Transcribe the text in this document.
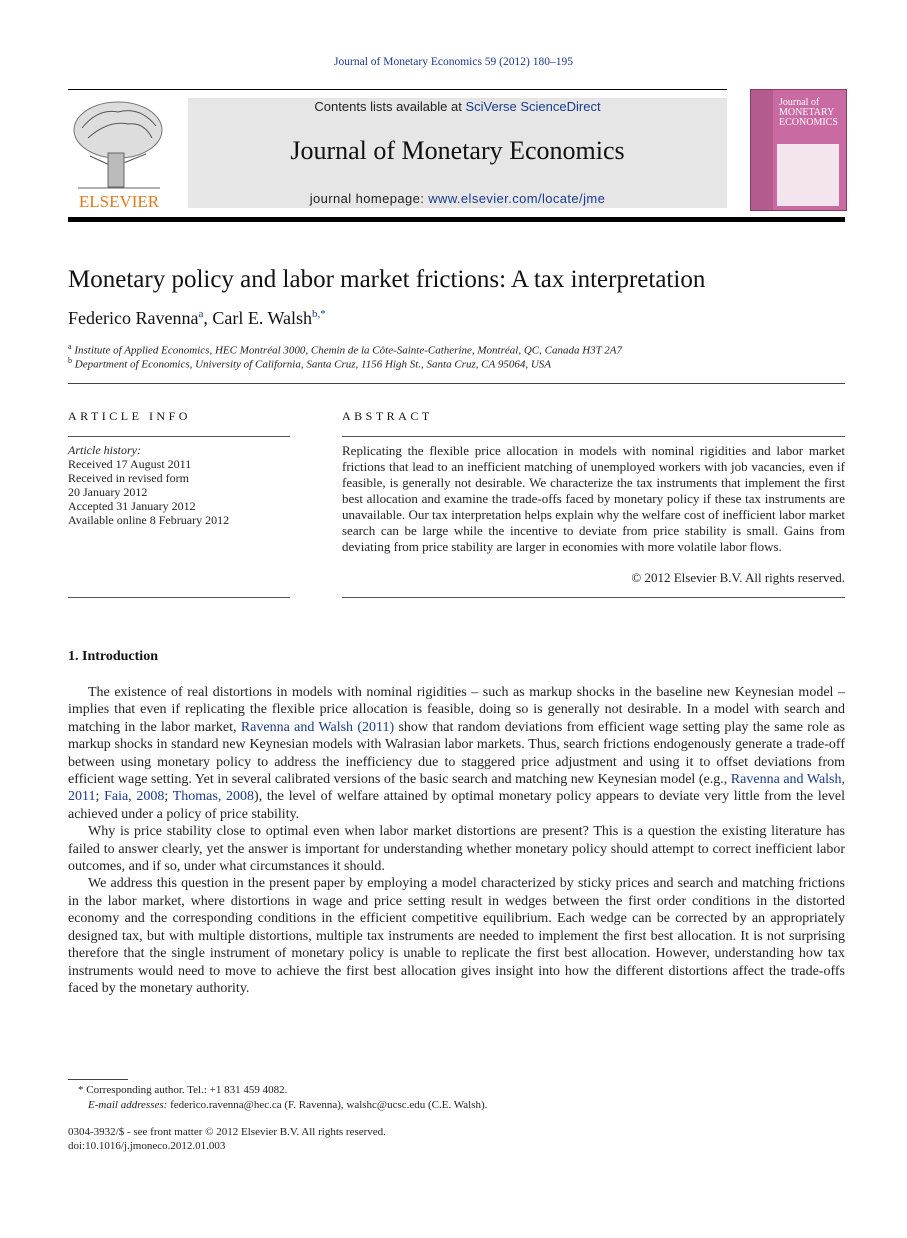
Journal of Monetary Economics 59 (2012) 180–195
ELSEVIER
Contents lists available at SciVerse ScienceDirect
Journal of Monetary Economics
journal homepage: www.elsevier.com/locate/jme
Journal of MONETARY ECONOMICS
Monetary policy and labor market frictions: A tax interpretation
Federico Ravenna$^a$, Carl E. Walsh$^{b,*}$
$^a$ Institute of Applied Economics, HEC Montréal 3000, Chemin de la Côte-Sainte-Catherine, Montréal, QC, Canada H3T 2A7
$^b$ Department of Economics, University of California, Santa Cruz, 1156 High St., Santa Cruz, CA 95064, USA
ARTICLE INFO
Article history:
Received 17 August 2011
Received in revised form
20 January 2012
Accepted 31 January 2012
Available online 8 February 2012
ABSTRACT
Replicating the flexible price allocation in models with nominal rigidities and labor market frictions that lead to an inefficient matching of unemployed workers with job vacancies, even if feasible, is generally not desirable. We characterize the tax instruments that implement the first best allocation and examine the trade-offs faced by monetary policy if these tax instruments are unavailable. Our tax interpretation helps explain why the welfare cost of inefficient labor market search can be large while the incentive to deviate from price stability is small. Gains from deviating from price stability are larger in economies with more volatile labor flows.
© 2012 Elsevier B.V. All rights reserved.
1. Introduction

The existence of real distortions in models with nominal rigidities – such as markup shocks in the baseline new Keynesian model – implies that even if replicating the flexible price allocation is feasible, doing so is generally not desirable. In a model with search and matching in the labor market, Ravenna and Walsh (2011) show that random deviations from efficient wage setting play the same role as markup shocks in standard new Keynesian models with Walrasian labor markets. Thus, search frictions endogenously generate a trade-off between using monetary policy to address the inefficiency due to staggered price adjustment and using it to offset deviations from efficient wage setting. Yet in several calibrated versions of the basic search and matching new Keynesian model (e.g., Ravenna and Walsh, 2011; Faia, 2008; Thomas, 2008), the level of welfare attained by optimal monetary policy appears to deviate very little from the level achieved under a policy of price stability.

Why is price stability close to optimal even when labor market distortions are present? This is a question the existing literature has failed to answer clearly, yet the answer is important for understanding whether monetary policy should attempt to correct inefficient labor outcomes, and if so, under what circumstances it should.

We address this question in the present paper by employing a model characterized by sticky prices and search and matching frictions in the labor market, where distortions in wage and price setting result in wedges between the first order conditions in the distorted economy and the corresponding conditions in the efficient competitive equilibrium. Each wedge can be corrected by an appropriately designed tax, but with multiple distortions, multiple tax instruments are needed to implement the first best allocation. It is not surprising therefore that the single instrument of monetary policy is unable to replicate the first best allocation. However, understanding how tax instruments would need to move to achieve the first best allocation gives insight into how the different distortions affect the trade-offs faced by the monetary authority.

* Corresponding author. Tel.: +1 831 459 4082.
E-mail addresses: federico.ravenna@hec.ca (F. Ravenna), walshc@ucsc.edu (C.E. Walsh).
0304-3932/$ - see front matter © 2012 Elsevier B.V. All rights reserved.
doi:10.1016/j.jmoneco.2012.01.003
